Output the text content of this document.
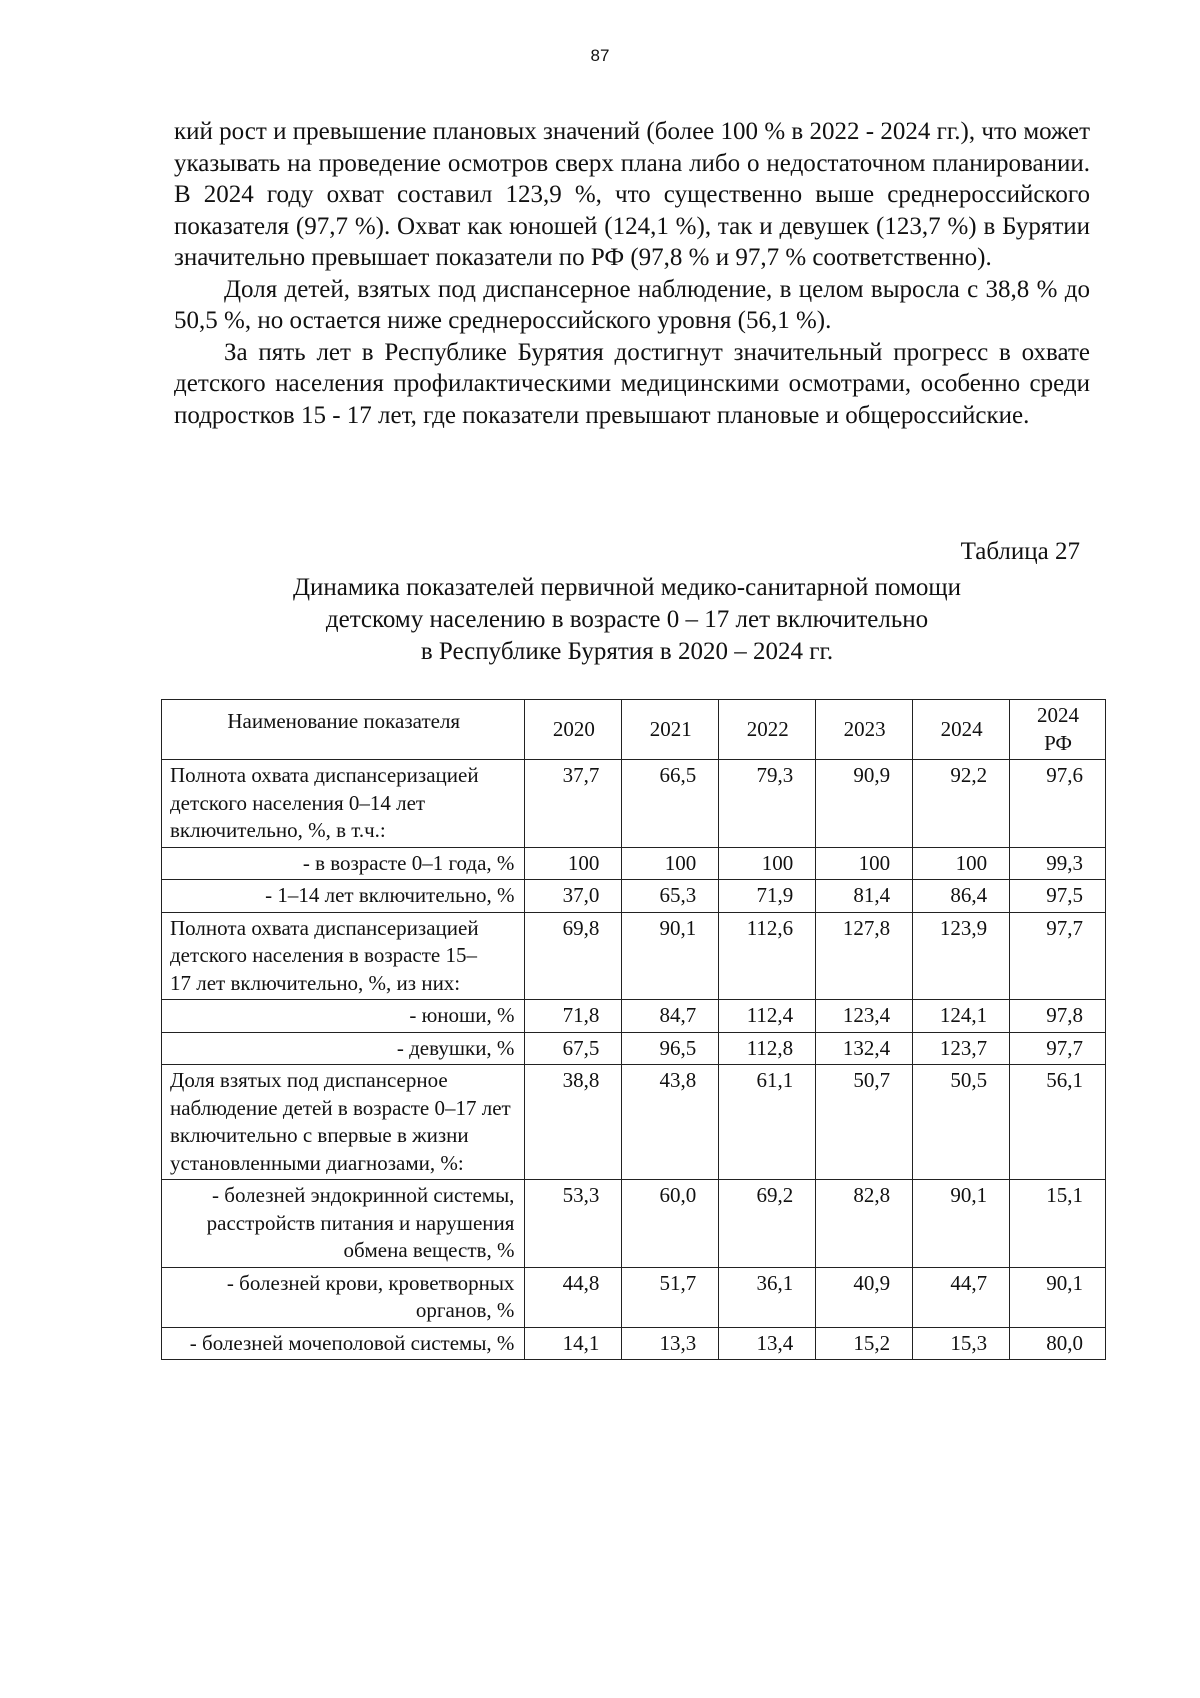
87

кий рост и превышение плановых значений (более 100 % в 2022 - 2024 гг.), что может указывать на проведение осмотров сверх плана либо о недостаточном планировании. В 2024 году охват составил 123,9 %, что существенно выше среднероссийского показателя (97,7 %). Охват как юношей (124,1 %), так и девушек (123,7 %) в Бурятии значительно превышает показатели по РФ (97,8 % и 97,7 % соответственно).

Доля детей, взятых под диспансерное наблюдение, в целом выросла с 38,8 % до 50,5 %, но остается ниже среднероссийского уровня (56,1 %).

За пять лет в Республике Бурятия достигнут значительный прогресс в охвате детского населения профилактическими медицинскими осмотрами, особенно среди подростков 15 - 17 лет, где показатели превышают плановые и общероссийские.

Таблица 27
Динамика показателей первичной медико-санитарной помощи
детскому населению в возрасте 0 – 17 лет включительно
в Республике Бурятия в 2020 – 2024 гг.
Наименование показателя	2020	2021	2022	2023	2024	2024
РФ

Полнота охвата диспансеризацией детского населения 0–14 лет включительно, %, в т.ч.:	37,7	66,5	79,3	90,9	92,2	97,6
- в возрасте 0–1 года, %	100	100	100	100	100	99,3
- 1–14 лет включительно, %	37,0	65,3	71,9	81,4	86,4	97,5
Полнота охвата диспансеризацией детского населения в возрасте 15–
17 лет включительно, %, из них:	69,8	90,1	112,6	127,8	123,9	97,7
- юноши, %	71,8	84,7	112,4	123,4	124,1	97,8
- девушки, %	67,5	96,5	112,8	132,4	123,7	97,7
Доля взятых под диспансерное наблюдение детей в возрасте 0–17 лет включительно с впервые в жизни установленными диагнозами, %:	38,8	43,8	61,1	50,7	50,5	56,1
- болезней эндокринной системы, расстройств питания и нарушения обмена веществ, %	53,3	60,0	69,2	82,8	90,1	15,1
- болезней крови, кроветворных органов, %	44,8	51,7	36,1	40,9	44,7	90,1
- болезней мочеполовой системы, %	14,1	13,3	13,4	15,2	15,3	80,0
